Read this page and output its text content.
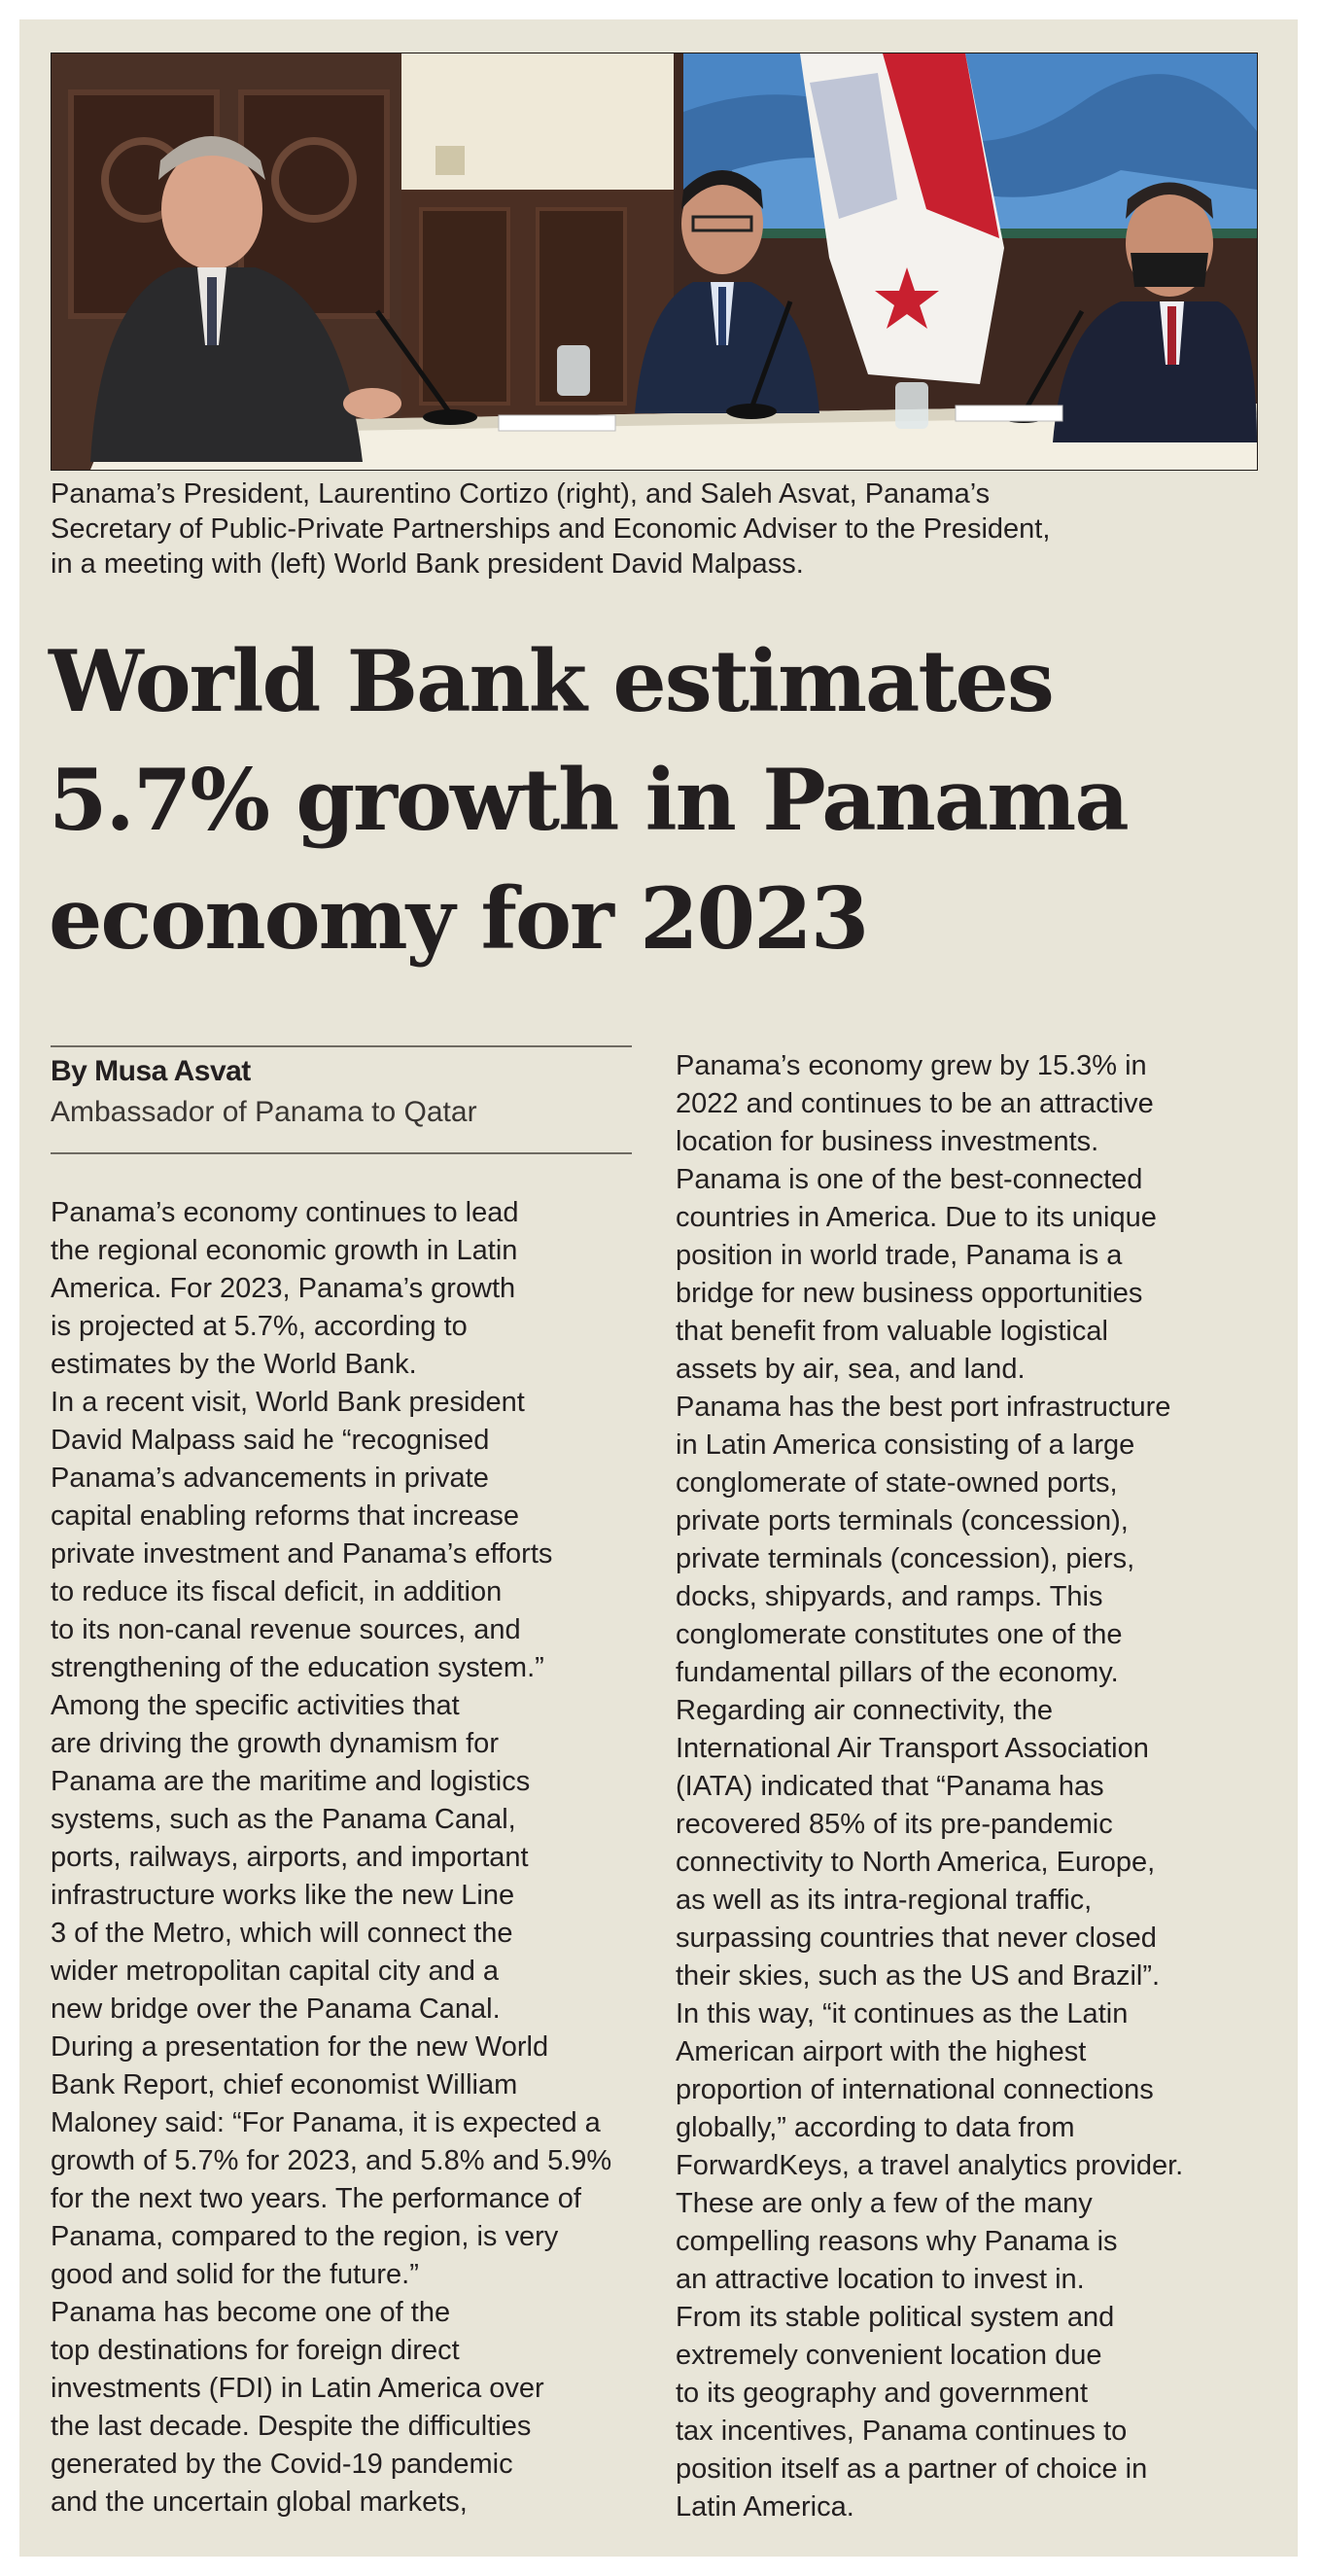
Panama’s President, Laurentino Cortizo (right), and Saleh Asvat, Panama’s
Secretary of Public-Private Partnerships and Economic Adviser to the President,
in a meeting with (left) World Bank president David Malpass.
World Bank estimates
5.7% growth in Panama
economy for 2023
By Musa Asvat
Ambassador of Panama to Qatar
Panama’s economy continues to lead
the regional economic growth in Latin
America. For 2023, Panama’s growth
is projected at 5.7%, according to
estimates by the World Bank.
In a recent visit, World Bank president
David Malpass said he “recognised
Panama’s advancements in private
capital enabling reforms that increase
private investment and Panama’s efforts
to reduce its fiscal deficit, in addition
to its non-canal revenue sources, and
strengthening of the education system.”
Among the specific activities that
are driving the growth dynamism for
Panama are the maritime and logistics
systems, such as the Panama Canal,
ports, railways, airports, and important
infrastructure works like the new Line
3 of the Metro, which will connect the
wider metropolitan capital city and a
new bridge over the Panama Canal.
During a presentation for the new World
Bank Report, chief economist William
Maloney said: “For Panama, it is expected a
growth of 5.7% for 2023, and 5.8% and 5.9%
for the next two years. The performance of
Panama, compared to the region, is very
good and solid for the future.”
Panama has become one of the
top destinations for foreign direct
investments (FDI) in Latin America over
the last decade. Despite the difficulties
generated by the Covid-19 pandemic
and the uncertain global markets,
Panama’s economy grew by 15.3% in
2022 and continues to be an attractive
location for business investments.
Panama is one of the best-connected
countries in America. Due to its unique
position in world trade, Panama is a
bridge for new business opportunities
that benefit from valuable logistical
assets by air, sea, and land.
Panama has the best port infrastructure
in Latin America consisting of a large
conglomerate of state-owned ports,
private ports terminals (concession),
private terminals (concession), piers,
docks, shipyards, and ramps. This
conglomerate constitutes one of the
fundamental pillars of the economy.
Regarding air connectivity, the
International Air Transport Association
(IATA) indicated that “Panama has
recovered 85% of its pre-pandemic
connectivity to North America, Europe,
as well as its intra-regional traffic,
surpassing countries that never closed
their skies, such as the US and Brazil”.
In this way, “it continues as the Latin
American airport with the highest
proportion of international connections
globally,” according to data from
ForwardKeys, a travel analytics provider.
These are only a few of the many
compelling reasons why Panama is
an attractive location to invest in.
From its stable political system and
extremely convenient location due
to its geography and government
tax incentives, Panama continues to
position itself as a partner of choice in
Latin America.
